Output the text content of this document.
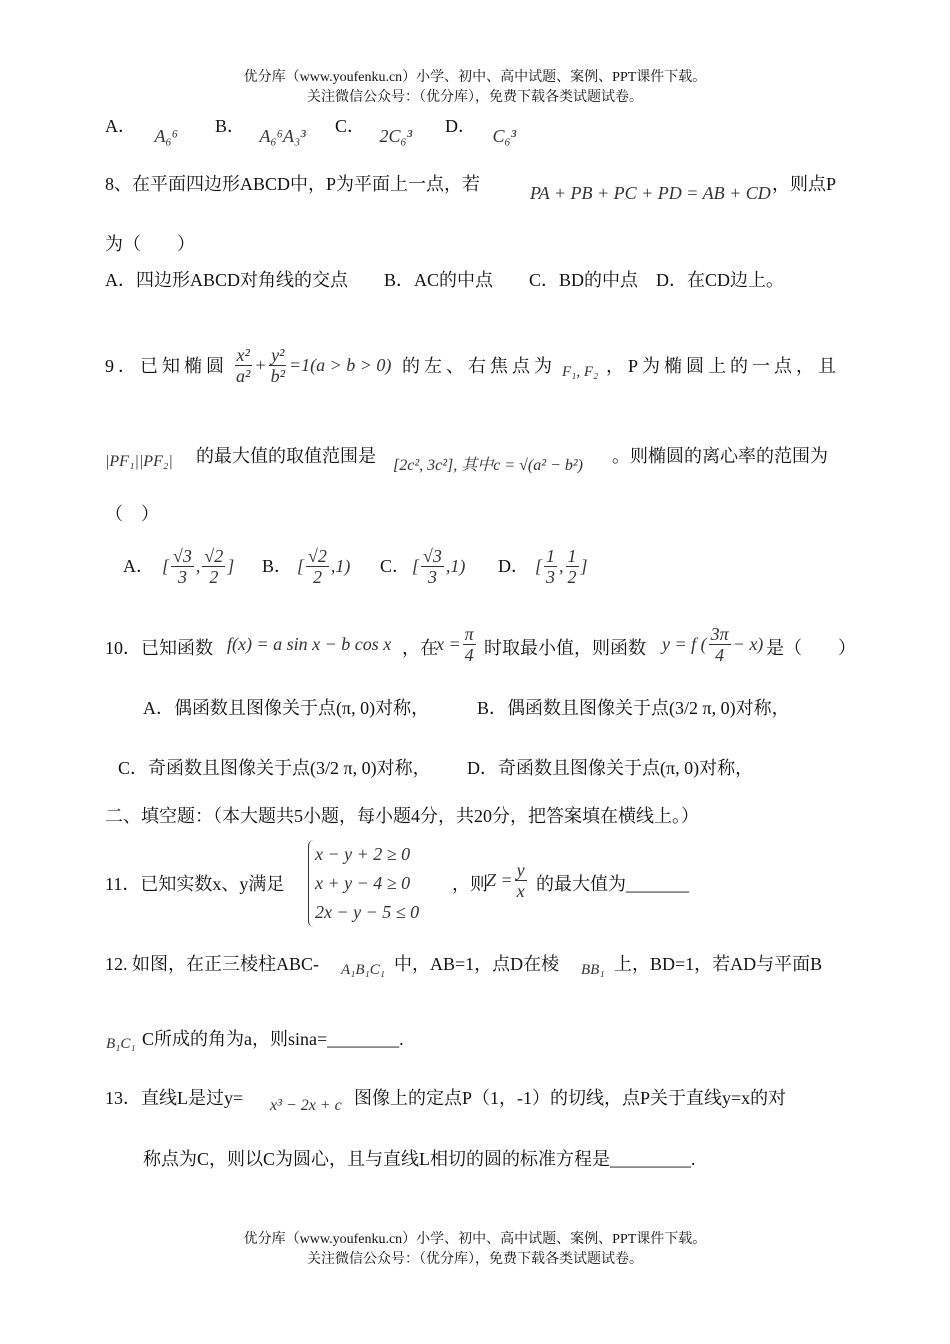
优分库（www.youfenku.cn）小学、初中、高中试题、案例、PPT课件下载。
关注微信公众号：（优分库），免费下载各类试题试卷。
A． A₆⁶ B． A₆⁶A₃³ C． 2C₆³ D． C₆³
8、在平面四边形ABCD中，P为平面上一点，若	PA + PB + PC + PD = AB + CD ，则点P
为（　　）
A．四边形ABCD对角线的交点　　B．AC的中点　　C．BD的中点　D．在CD边上。
9．已知椭圆 $\frac{\text{x²}}{\text{a²}} + \frac{\text{y²}}{\text{b²}} =1(a > b > 0)$ 的左、右焦点为 F₁, F₂ ，P为椭圆上的一点，且
|PF₁||PF₂| 的最大值的取值范围是 [2c², 3c²], 其中c = √(a² − b²) 。则椭圆的离心率的范围为
（　）
A． [ $\frac{√3}{3}$ , $\frac{√2}{2}$ ] B． [ $\frac{√2}{2} ,1$) C． [ $\frac{√3}{3} ,1$) D． [ $\frac{1}{3}$ , $\frac{1}{2}$ ]
10．已知函数 f(x) = a sin x − b cos x ，在
$x = \frac{\pi}{4}$ 时取最小值，则函数 y = f ( $\frac{3\pi}{4} - x$) 是（　　）
A．偶函数且图像关于点(π, 0)对称，	B．偶函数且图像关于点(3/2 π, 0)对称，
C．奇函数且图像关于点(3/2 π, 0)对称， D．奇函数且图像关于点(π, 0)对称，
二、填空题：（本大题共5小题，每小题4分，共20分，把答案填在横线上。）
11．已知实数x、y满足
x − y + 2 ≥ 0
x + y − 4 ≥ 0
2x − y − 5 ≤ 0
，则
$Z = \frac{y}{x}$ 的最大值为_______
12. 如图，在正三棱柱ABC- A₁B₁C₁ 中，AB=1，点D在棱 BB₁ 上，BD=1，若AD与平面B
B₁C₁ C所成的角为a，则sina=________.
13．直线L是过y= x³ − 2x + c 图像上的定点P（1，-1）的切线，点P关于直线y=x的对
称点为C，则以C为圆心，且与直线L相切的圆的标准方程是_________.
优分库（www.youfenku.cn）小学、初中、高中试题、案例、PPT课件下载。
关注微信公众号：（优分库），免费下载各类试题试卷。
